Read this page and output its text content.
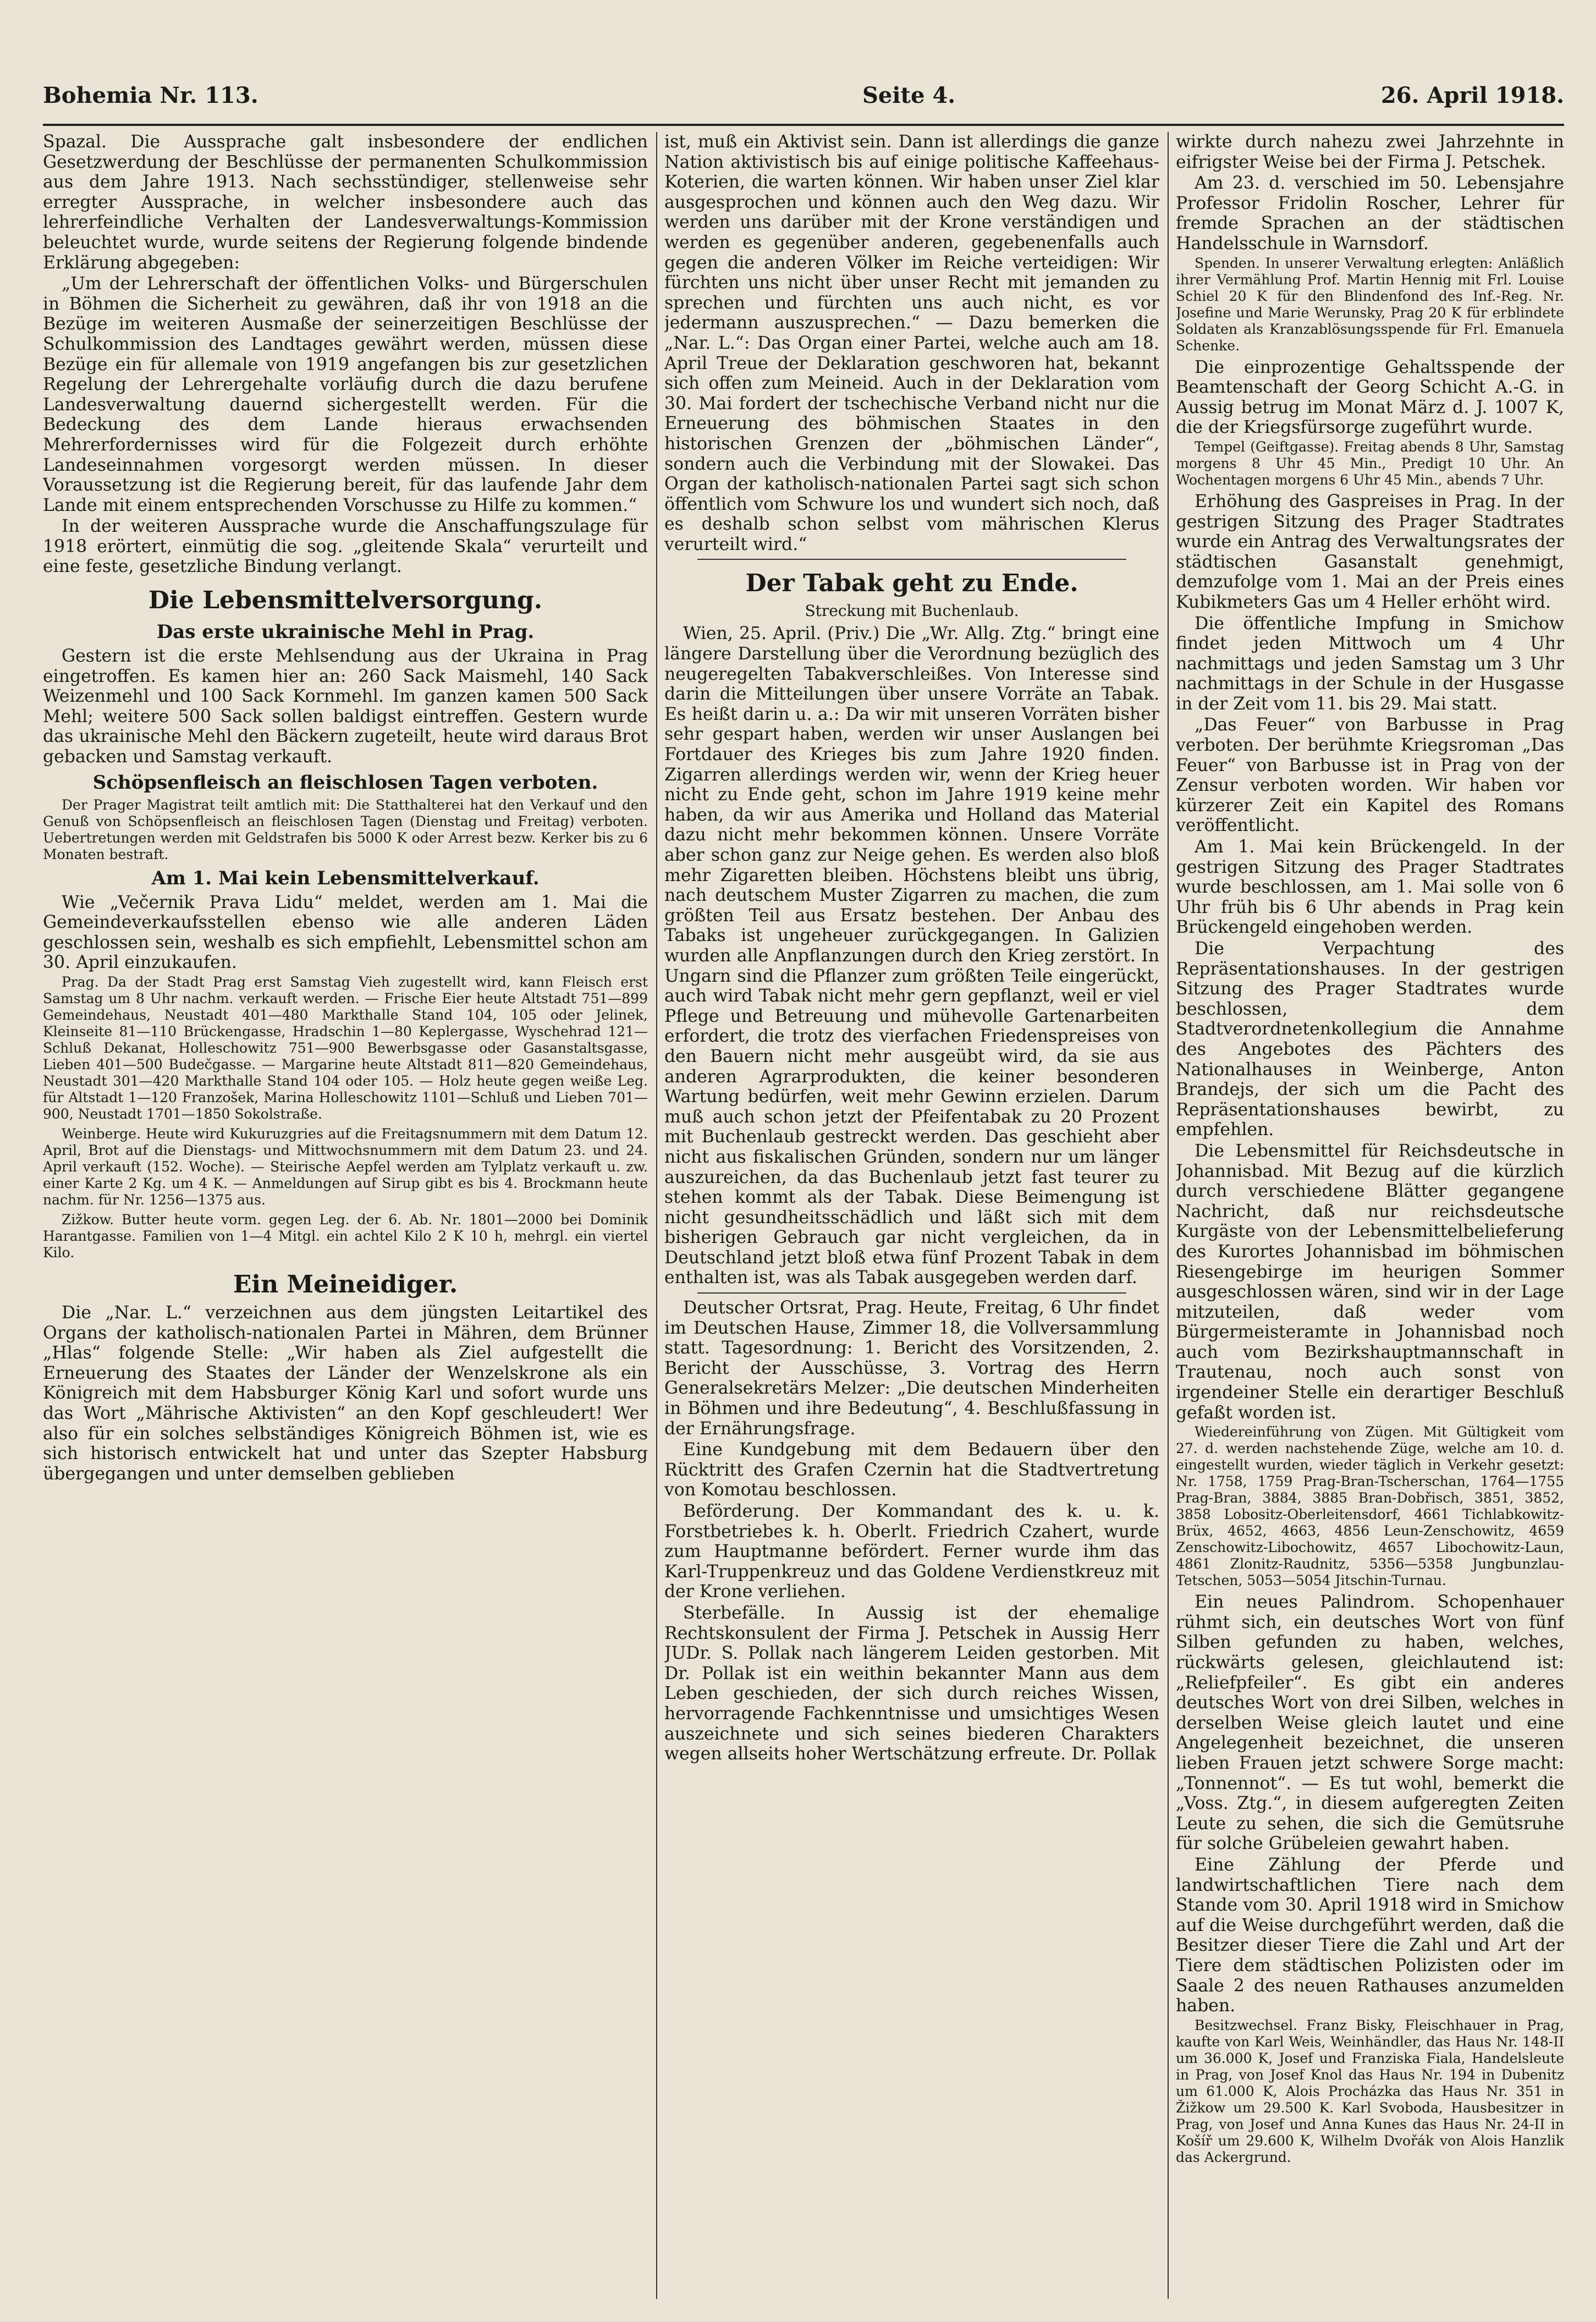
Bohemia Nr. 113.	Seite 4.	26. April 1918.

Spazal. Die Aussprache galt insbesondere der endlichen Gesetzwerdung der Beschlüsse der permanenten Schulkommission aus dem Jahre 1913. Nach sechsstündiger, stellenweise sehr erregter Aussprache, in welcher insbesondere auch das lehrerfeindliche Verhalten der Landesverwaltungs-Kommission beleuchtet wurde, wurde seitens der Regierung folgende bindende Erklärung abgegeben:

„Um der Lehrerschaft der öffentlichen Volks- und Bürgerschulen in Böhmen die Sicherheit zu gewähren, daß ihr von 1918 an die Bezüge im weiteren Ausmaße der seinerzeitigen Beschlüsse der Schulkommission des Landtages gewährt werden, müssen diese Bezüge ein für allemale von 1919 angefangen bis zur gesetzlichen Regelung der Lehrergehalte vorläufig durch die dazu berufene Landesverwaltung dauernd sichergestellt werden. Für die Bedeckung des dem Lande hieraus erwachsenden Mehrerfordernisses wird für die Folgezeit durch erhöhte Landeseinnahmen vorgesorgt werden müssen. In dieser Voraussetzung ist die Regierung bereit, für das laufende Jahr dem Lande mit einem entsprechenden Vorschusse zu Hilfe zu kommen.“

In der weiteren Aussprache wurde die Anschaffungszulage für 1918 erörtert, einmütig die sog. „gleitende Skala“ verurteilt und eine feste, gesetzliche Bindung verlangt.

Die Lebensmittelversorgung.
Das erste ukrainische Mehl in Prag.

Gestern ist die erste Mehlsendung aus der Ukraina in Prag eingetroffen. Es kamen hier an: 260 Sack Maismehl, 140 Sack Weizenmehl und 100 Sack Kornmehl. Im ganzen kamen 500 Sack Mehl; weitere 500 Sack sollen baldigst eintreffen. Gestern wurde das ukrainische Mehl den Bäckern zugeteilt, heute wird daraus Brot gebacken und Samstag verkauft.

Schöpsenfleisch an fleischlosen Tagen verboten.

Der Prager Magistrat teilt amtlich mit: Die Statthalterei hat den Verkauf und den Genuß von Schöpsenfleisch an fleischlosen Tagen (Dienstag und Freitag) verboten. Uebertretungen werden mit Geldstrafen bis 5000 K oder Arrest bezw. Kerker bis zu 6 Monaten bestraft.

Am 1. Mai kein Lebensmittelverkauf.

Wie „Večernik Prava Lidu“ meldet, werden am 1. Mai die Gemeindeverkaufsstellen ebenso wie alle anderen Läden geschlossen sein, weshalb es sich empfiehlt, Lebensmittel schon am 30. April einzukaufen.

Prag. Da der Stadt Prag erst Samstag Vieh zugestellt wird, kann Fleisch erst Samstag um 8 Uhr nachm. verkauft werden. — Frische Eier heute Altstadt 751—899 Gemeindehaus, Neustadt 401—480 Markthalle Stand 104, 105 oder Jelinek, Kleinseite 81—110 Brückengasse, Hradschin 1—80 Keplergasse, Wyschehrad 121—Schluß Dekanat, Holleschowitz 751—900 Bewerbsgasse oder Gasanstaltsgasse, Lieben 401—500 Budečgasse. — Margarine heute Altstadt 811—820 Gemeindehaus, Neustadt 301—420 Markthalle Stand 104 oder 105. — Holz heute gegen weiße Leg. für Altstadt 1—120 Franzošek, Marina Holleschowitz 1101—Schluß und Lieben 701—900, Neustadt 1701—1850 Sokolstraße.

Weinberge. Heute wird Kukuruzgries auf die Freitagsnummern mit dem Datum 12. April, Brot auf die Dienstags- und Mittwochsnummern mit dem Datum 23. und 24. April verkauft (152. Woche). — Steirische Aepfel werden am Tylplatz verkauft u. zw. einer Karte 2 Kg. um 4 K. — Anmeldungen auf Sirup gibt es bis 4. Brockmann heute nachm. für Nr. 1256—1375 aus.

Zižkow. Butter heute vorm. gegen Leg. der 6. Ab. Nr. 1801—2000 bei Dominik Harantgasse. Familien von 1—4 Mitgl. ein achtel Kilo 2 K 10 h, mehrgl. ein viertel Kilo.

Ein Meineidiger.

Die „Nar. L.“ verzeichnen aus dem jüngsten Leitartikel des Organs der katholisch-nationalen Partei in Mähren, dem Brünner „Hlas“ folgende Stelle: „Wir haben als Ziel aufgestellt die Erneuerung des Staates der Länder der Wenzelskrone als ein Königreich mit dem Habsburger König Karl und sofort wurde uns das Wort „Mährische Aktivisten“ an den Kopf geschleudert! Wer also für ein solches selbständiges Königreich Böhmen ist, wie es sich historisch entwickelt hat und unter das Szepter Habsburg übergegangen und unter demselben geblieben

ist, muß ein Aktivist sein. Dann ist allerdings die ganze Nation aktivistisch bis auf einige politische Kaffeehaus-Koterien, die warten können. Wir haben unser Ziel klar ausgesprochen und können auch den Weg dazu. Wir werden uns darüber mit der Krone verständigen und werden es gegenüber anderen, gegebenenfalls auch gegen die anderen Völker im Reiche verteidigen: Wir fürchten uns nicht über unser Recht mit jemanden zu sprechen und fürchten uns auch nicht, es vor jedermann auszusprechen.“ — Dazu bemerken die „Nar. L.“: Das Organ einer Partei, welche auch am 18. April Treue der Deklaration geschworen hat, bekannt sich offen zum Meineid. Auch in der Deklaration vom 30. Mai fordert der tschechische Verband nicht nur die Erneuerung des böhmischen Staates in den historischen Grenzen der „böhmischen Länder“, sondern auch die Verbindung mit der Slowakei. Das Organ der katholisch-nationalen Partei sagt sich schon öffentlich vom Schwure los und wundert sich noch, daß es deshalb schon selbst vom mährischen Klerus verurteilt wird.“

Der Tabak geht zu Ende.
Streckung mit Buchenlaub.

Wien, 25. April. (Priv.) Die „Wr. Allg. Ztg.“ bringt eine längere Darstellung über die Verordnung bezüglich des neugeregelten Tabakverschleißes. Von Interesse sind darin die Mitteilungen über unsere Vorräte an Tabak. Es heißt darin u. a.: Da wir mit unseren Vorräten bisher sehr gespart haben, werden wir unser Auslangen bei Fortdauer des Krieges bis zum Jahre 1920 finden. Zigarren allerdings werden wir, wenn der Krieg heuer nicht zu Ende geht, schon im Jahre 1919 keine mehr haben, da wir aus Amerika und Holland das Material dazu nicht mehr bekommen können. Unsere Vorräte aber schon ganz zur Neige gehen. Es werden also bloß mehr Zigaretten bleiben. Höchstens bleibt uns übrig, nach deutschem Muster Zigarren zu machen, die zum größten Teil aus Ersatz bestehen. Der Anbau des Tabaks ist ungeheuer zurückgegangen. In Galizien wurden alle Anpflanzungen durch den Krieg zerstört. In Ungarn sind die Pflanzer zum größten Teile eingerückt, auch wird Tabak nicht mehr gern gepflanzt, weil er viel Pflege und Betreuung und mühevolle Gartenarbeiten erfordert, die trotz des vierfachen Friedenspreises von den Bauern nicht mehr ausgeübt wird, da sie aus anderen Agrarprodukten, die keiner besonderen Wartung bedürfen, weit mehr Gewinn erzielen. Darum muß auch schon jetzt der Pfeifentabak zu 20 Prozent mit Buchenlaub gestreckt werden. Das geschieht aber nicht aus fiskalischen Gründen, sondern nur um länger auszureichen, da das Buchenlaub jetzt fast teurer zu stehen kommt als der Tabak. Diese Beimengung ist nicht gesundheitsschädlich und läßt sich mit dem bisherigen Gebrauch gar nicht vergleichen, da in Deutschland jetzt bloß etwa fünf Prozent Tabak in dem enthalten ist, was als Tabak ausgegeben werden darf.

Deutscher Ortsrat, Prag. Heute, Freitag, 6 Uhr findet im Deutschen Hause, Zimmer 18, die Vollversammlung statt. Tagesordnung: 1. Bericht des Vorsitzenden, 2. Bericht der Ausschüsse, 3. Vortrag des Herrn Generalsekretärs Melzer: „Die deutschen Minderheiten in Böhmen und ihre Bedeutung“, 4. Beschlußfassung in der Ernährungsfrage.

Eine Kundgebung mit dem Bedauern über den Rücktritt des Grafen Czernin hat die Stadtvertretung von Komotau beschlossen.

Beförderung. Der Kommandant des k. u. k. Forstbetriebes k. h. Oberlt. Friedrich Czahert, wurde zum Hauptmanne befördert. Ferner wurde ihm das Karl-Truppenkreuz und das Goldene Verdienstkreuz mit der Krone verliehen.

Sterbefälle. In Aussig ist der ehemalige Rechtskonsulent der Firma J. Petschek in Aussig Herr JUDr. S. Pollak nach längerem Leiden gestorben. Mit Dr. Pollak ist ein weithin bekannter Mann aus dem Leben geschieden, der sich durch reiches Wissen, hervorragende Fachkenntnisse und umsichtiges Wesen auszeichnete und sich seines biederen Charakters wegen allseits hoher Wertschätzung erfreute. Dr. Pollak

wirkte durch nahezu zwei Jahrzehnte in eifrigster Weise bei der Firma J. Petschek.

Am 23. d. verschied im 50. Lebensjahre Professor Fridolin Roscher, Lehrer für fremde Sprachen an der städtischen Handelsschule in Warnsdorf.

Spenden. In unserer Verwaltung erlegten: Anläßlich ihrer Vermählung Prof. Martin Hennig mit Frl. Louise Schiel 20 K für den Blindenfond des Inf.-Reg. Nr. Josefine und Marie Werunsky, Prag 20 K für erblindete Soldaten als Kranzablösungsspende für Frl. Emanuela Schenke.

Die einprozentige Gehaltsspende der Beamtenschaft der Georg Schicht A.-G. in Aussig betrug im Monat März d. J. 1007 K, die der Kriegsfürsorge zugeführt wurde.

Tempel (Geiftgasse). Freitag abends 8 Uhr, Samstag morgens 8 Uhr 45 Min., Predigt 10 Uhr. An Wochentagen morgens 6 Uhr 45 Min., abends 7 Uhr.

Erhöhung des Gaspreises in Prag. In der gestrigen Sitzung des Prager Stadtrates wurde ein Antrag des Verwaltungsrates der städtischen Gasanstalt genehmigt, demzufolge vom 1. Mai an der Preis eines Kubikmeters Gas um 4 Heller erhöht wird.

Die öffentliche Impfung in Smichow findet jeden Mittwoch um 4 Uhr nachmittags und jeden Samstag um 3 Uhr nachmittags in der Schule in der Husgasse in der Zeit vom 11. bis 29. Mai statt.

„Das Feuer“ von Barbusse in Prag verboten. Der berühmte Kriegsroman „Das Feuer“ von Barbusse ist in Prag von der Zensur verboten worden. Wir haben vor kürzerer Zeit ein Kapitel des Romans veröffentlicht.

Am 1. Mai kein Brückengeld. In der gestrigen Sitzung des Prager Stadtrates wurde beschlossen, am 1. Mai solle von 6 Uhr früh bis 6 Uhr abends in Prag kein Brückengeld eingehoben werden.

Die Verpachtung des Repräsentationshauses. In der gestrigen Sitzung des Prager Stadtrates wurde beschlossen, dem Stadtverordnetenkollegium die Annahme des Angebotes des Pächters des Nationalhauses in Weinberge, Anton Brandejs, der sich um die Pacht des Repräsentationshauses bewirbt, zu empfehlen.

Die Lebensmittel für Reichsdeutsche in Johannisbad. Mit Bezug auf die kürzlich durch verschiedene Blätter gegangene Nachricht, daß nur reichsdeutsche Kurgäste von der Lebensmittelbelieferung des Kurortes Johannisbad im böhmischen Riesengebirge im heurigen Sommer ausgeschlossen wären, sind wir in der Lage mitzuteilen, daß weder vom Bürgermeisteramte in Johannisbad noch auch vom Bezirkshauptmannschaft in Trautenau, noch auch sonst von irgendeiner Stelle ein derartiger Beschluß gefaßt worden ist.

Wiedereinführung von Zügen. Mit Gültigkeit vom 27. d. werden nachstehende Züge, welche am 10. d. eingestellt wurden, wieder täglich in Verkehr gesetzt: Nr. 1758, 1759 Prag-Bran-Tscherschan, 1764—1755 Prag-Bran, 3884, 3885 Bran-Dobřisch, 3851, 3852, 3858 Lobositz-Oberleitensdorf, 4661 Tichlabkowitz-Brüx, 4652, 4663, 4856 Leun-Zenschowitz, 4659 Zenschowitz-Libochowitz, 4657 Libochowitz-Laun, 4861 Zlonitz-Raudnitz, 5356—5358 Jungbunzlau-Tetschen, 5053—5054 Jitschin-Turnau.

Ein neues Palindrom. Schopenhauer rühmt sich, ein deutsches Wort von fünf Silben gefunden zu haben, welches, rückwärts gelesen, gleichlautend ist: „Reliefpfeiler“. Es gibt ein anderes deutsches Wort von drei Silben, welches in derselben Weise gleich lautet und eine Angelegenheit bezeichnet, die unseren lieben Frauen jetzt schwere Sorge macht: „Tonnennot“. — Es tut wohl, bemerkt die „Voss. Ztg.“, in diesem aufgeregten Zeiten Leute zu sehen, die sich die Gemütsruhe für solche Grübeleien gewahrt haben.

Eine Zählung der Pferde und landwirtschaftlichen Tiere nach dem Stande vom 30. April 1918 wird in Smichow auf die Weise durchgeführt werden, daß die Besitzer dieser Tiere die Zahl und Art der Tiere dem städtischen Polizisten oder im Saale 2 des neuen Rathauses anzumelden haben.

Besitzwechsel. Franz Bisky, Fleischhauer in Prag, kaufte von Karl Weis, Weinhändler, das Haus Nr. 148-II um 36.000 K, Josef und Franziska Fiala, Handelsleute in Prag, von Josef Knol das Haus Nr. 194 in Dubenitz um 61.000 K, Alois Procházka das Haus Nr. 351 in Žižkow um 29.500 K. Karl Svoboda, Hausbesitzer in Prag, von Josef und Anna Kunes das Haus Nr. 24-II in Košíř um 29.600 K, Wilhelm Dvořák von Alois Hanzlik das Ackergrund.
